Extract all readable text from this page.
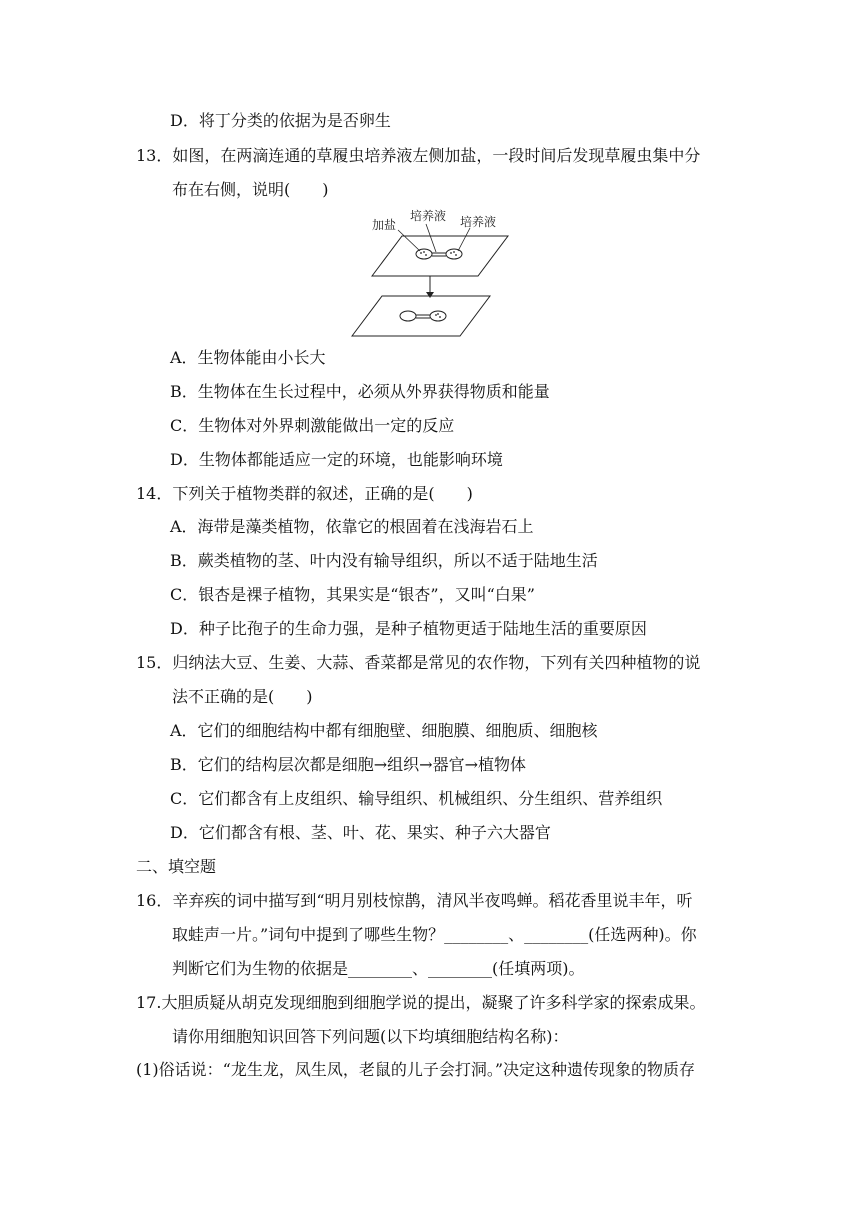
D．将丁分类的依据为是否卵生
13．如图，在两滴连通的草履虫培养液左侧加盐，一段时间后发现草履虫集中分
布在右侧，说明(　　)
加盐
培养液 培养液
A．生物体能由小长大
B．生物体在生长过程中，必须从外界获得物质和能量
C．生物体对外界刺激能做出一定的反应
D．生物体都能适应一定的环境，也能影响环境
14．下列关于植物类群的叙述，正确的是(　　)
A．海带是藻类植物，依靠它的根固着在浅海岩石上
B．蕨类植物的茎、叶内没有输导组织，所以不适于陆地生活
C．银杏是裸子植物，其果实是“银杏”，又叫“白果”
D．种子比孢子的生命力强，是种子植物更适于陆地生活的重要原因
15．归纳法大豆、生姜、大蒜、香菜都是常见的农作物，下列有关四种植物的说
法不正确的是(　　)
A．它们的细胞结构中都有细胞壁、细胞膜、细胞质、细胞核
B．它们的结构层次都是细胞→组织→器官→植物体
C．它们都含有上皮组织、输导组织、机械组织、分生组织、营养组织
D．它们都含有根、茎、叶、花、果实、种子六大器官
二、填空题
16．辛弃疾的词中描写到“明月别枝惊鹊，清风半夜鸣蝉。稻花香里说丰年，听
取蛙声一片。”词句中提到了哪些生物？________、________(任选两种)。你
判断它们为生物的依据是________、________(任填两项)。
17.大胆质疑从胡克发现细胞到细胞学说的提出，凝聚了许多科学家的探索成果。
请你用细胞知识回答下列问题(以下均填细胞结构名称)：
(1)俗话说：“龙生龙，凤生凤，老鼠的儿子会打洞。”决定这种遗传现象的物质存
